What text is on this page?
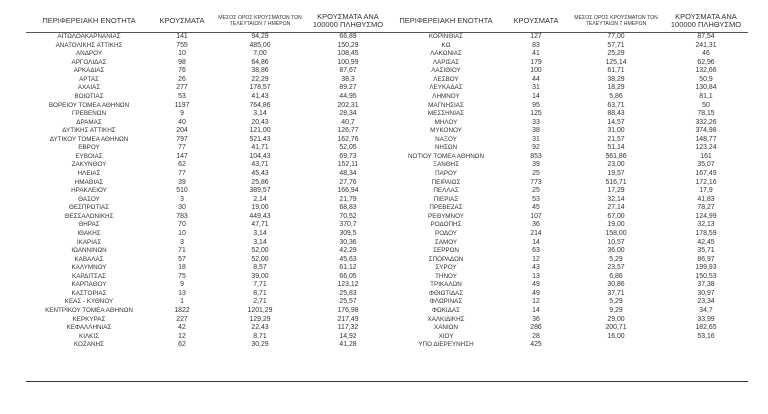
ΠΕΡΙΦΕΡΕΙΑΚΗ ΕΝΟΤΗΤΑ	ΚΡΟΥΣΜΑΤΑ	ΜΕΣΟΣ ΟΡΟΣ ΚΡΟΥΣΜΑΤΩΝ ΤΩΝ ΤΕΛΕΥΤΑΙΩΝ 7 ΗΜΕΡΩΝ	ΚΡΟΥΣΜΑΤΑ ΑΝΑ 100000 ΠΛΗΘΥΣΜΟ
ΑΙΤΩΛΟΑΚΑΡΝΑΝΙΑΣ	141	94,29	66,89
ΑΝΑΤΟΛΙΚΗΣ ΑΤΤΙΚΗΣ	755	485,00	150,29
ΑΝΔΡΟΥ	10	7,00	108,45
ΑΡΓΟΛΙΔΑΣ	98	64,86	100,99
ΑΡΚΑΔΙΑΣ	76	38,86	87,67
ΑΡΤΑΣ	26	22,29	38,3
ΑΧΑΪΑΣ	277	178,57	89,27
ΒΟΙΩΤΙΑΣ	53	41,43	44,95
ΒΟΡΕΙΟΥ ΤΟΜΕΑ ΑΘΗΝΩΝ	1197	764,86	202,31
ΓΡΕΒΕΝΩΝ	9	3,14	28,34
ΔΡΑΜΑΣ	40	20,43	40,7
ΔΥΤΙΚΗΣ ΑΤΤΙΚΗΣ	204	121,00	126,77
ΔΥΤΙΚΟΥ ΤΟΜΕΑ ΑΘΗΝΩΝ	797	521,43	162,76
ΕΒΡΟΥ	77	41,71	52,05
ΕΥΒΟΙΑΣ	147	104,43	69,73
ΖΑΚΥΝΘΟΥ	62	43,71	152,11
ΗΛΕΙΑΣ	77	45,43	48,34
ΗΜΑΘΙΑΣ	39	25,86	27,76
ΗΡΑΚΛΕΙΟΥ	510	389,57	166,94
ΘΑΣΟΥ	3	2,14	21,79
ΘΕΣΠΡΩΤΙΑΣ	30	19,00	68,83
ΘΕΣΣΑΛΟΝΙΚΗΣ	783	449,43	70,52
ΘΗΡΑΣ	70	47,71	370,7
ΙΘΑΚΗΣ	10	3,14	309,5
ΙΚΑΡΙΑΣ	3	3,14	30,36
ΙΩΑΝΝΙΝΩΝ	71	52,00	42,29
ΚΑΒΑΛΑΣ	57	52,00	45,63
ΚΑΛΥΜΝΟΥ	18	8,57	61,12
ΚΑΡΔΙΤΣΑΣ	75	39,00	66,05
ΚΑΡΠΑΘΟΥ	9	7,71	123,12
ΚΑΣΤΟΡΙΑΣ	13	8,71	25,83
ΚΕΑΣ - ΚΥΘΝΟΥ	1	2,71	25,57
ΚΕΝΤΡΙΚΟΥ ΤΟΜΕΑ ΑΘΗΝΩΝ	1822	1201,29	176,98
ΚΕΡΚΥΡΑΣ	227	129,29	217,49
ΚΕΦΑΛΛΗΝΙΑΣ	42	22,43	117,32
ΚΙΛΚΙΣ	12	8,71	14,92
ΚΟΖΑΝΗΣ	62	30,29	41,28
ΠΕΡΙΦΕΡΕΙΑΚΗ ΕΝΟΤΗΤΑ	ΚΡΟΥΣΜΑΤΑ	ΜΕΣΟΣ ΟΡΟΣ ΚΡΟΥΣΜΑΤΩΝ ΤΩΝ ΤΕΛΕΥΤΑΙΩΝ 7 ΗΜΕΡΩΝ	ΚΡΟΥΣΜΑΤΑ ΑΝΑ 100000 ΠΛΗΘΥΣΜΟ
ΚΟΡΙΝΘΙΑΣ	127	77,00	87,54
ΚΩ	83	57,71	241,31
ΛΑΚΩΝΙΑΣ	41	25,29	46
ΛΑΡΙΣΑΣ	179	125,14	62,96
ΛΑΣΙΘΙΟΥ	100	61,71	132,66
ΛΕΣΒΟΥ	44	38,29	50,9
ΛΕΥΚΑΔΑΣ	31	18,29	130,84
ΛΗΜΝΟΥ	14	5,86	81,1
ΜΑΓΝΗΣΙΑΣ	95	63,71	50
ΜΕΣΣΗΝΙΑΣ	125	88,43	78,15
ΜΗΛΟΥ	33	14,57	332,26
ΜΥΚΟΝΟΥ	38	31,00	374,98
ΝΑΞΟΥ	31	21,57	148,77
ΝΗΣΩΝ	92	51,14	123,24
ΝΟΤΙΟΥ ΤΟΜΕΑ ΑΘΗΝΩΝ	853	561,86	161
ΞΑΝΘΗΣ	39	23,00	35,07
ΠΑΡΟΥ	25	19,57	167,49
ΠΕΙΡΑΙΩΣ	773	516,71	172,16
ΠΕΛΛΑΣ	25	17,29	17,9
ΠΙΕΡΙΑΣ	53	32,14	41,83
ΠΡΕΒΕΖΑΣ	45	27,14	78,27
ΡΕΘΥΜΝΟΥ	107	67,00	124,99
ΡΟΔΟΠΗΣ	36	19,00	32,13
ΡΟΔΟΥ	214	158,00	178,59
ΣΑΜΟΥ	14	10,57	42,45
ΣΕΡΡΩΝ	63	36,00	35,71
ΣΠΟΡΑΔΩΝ	12	5,29	86,97
ΣΥΡΟΥ	43	23,57	199,93
ΤΗΝΟΥ	13	6,86	150,53
ΤΡΙΚΑΛΩΝ	49	30,86	37,38
ΦΘΙΩΤΙΔΑΣ	49	37,71	30,97
ΦΛΩΡΙΝΑΣ	12	5,29	23,34
ΦΩΚΙΔΑΣ	14	9,29	34,7
ΧΑΛΚΙΔΙΚΗΣ	36	29,00	33,99
ΧΑΝΙΩΝ	286	200,71	182,65
ΧΙΟΥ	28	16,00	53,16
ΥΠΟ ΔΙΕΡΕΥΝΗΣΗ	425		
